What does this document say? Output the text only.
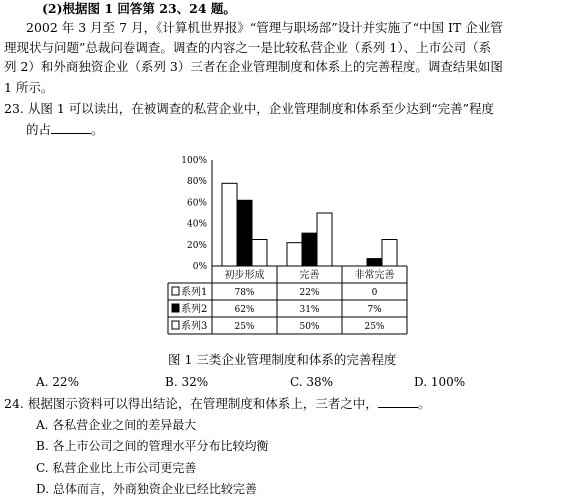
(2)根据图 1 回答第 23、24 题。
2002 年 3 月至 7 月，《计算机世界报》“管理与职场部”设计并实施了“中国 IT 企业管
理现状与问题”总裁问卷调查。调查的内容之一是比较私营企业（系列 1）、上市公司（系
列 2）和外商独资企业（系列 3）三者在企业管理制度和体系上的完善程度。调查结果如图
1 所示。
23. 从图 1 可以读出，在被调查的私营企业中，企业管理制度和体系至少达到“完善”程度
的占	。
100%
80%
60%
40%
20%
0%
初步形成	完善	非常完善
系列1	78%	22%	0
系列2	62%	31%	7%
系列3	25%	50%	25%
图 1 三类企业管理制度和体系的完善程度
A. 22%	B. 32%	C. 38%	D. 100%
24. 根据图示资料可以得出结论，在管理制度和体系上，三者之中，	。
A. 各私营企业之间的差异最大
B. 各上市公司之间的管理水平分布比较均衡
C. 私营企业比上市公司更完善
D. 总体而言，外商独资企业已经比较完善
